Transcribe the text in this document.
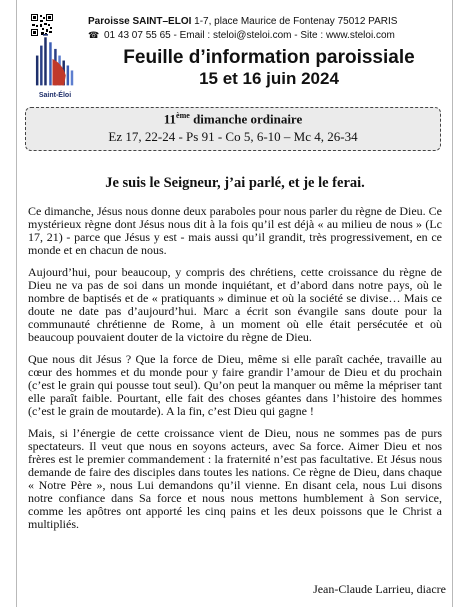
Saint-Éloi
Paroisse SAINT–ELOI 1-7, place Maurice de Fontenay 75012 PARIS
☎ 01 43 07 55 65 - Email : steloi@steloi.com - Site : www.steloi.com
Feuille d’information paroissiale
15 et 16 juin 2024
11ème dimanche ordinaire
Ez 17, 22-24 - Ps 91 - Co 5, 6-10 – Mc 4, 26-34
Je suis le Seigneur, j’ai parlé, et je le ferai.

Ce dimanche, Jésus nous donne deux paraboles pour nous parler du règne de Dieu. Ce mystérieux règne dont Jésus nous dit à la fois qu’il est déjà « au milieu de nous » (Lc 17, 21) - parce que Jésus y est - mais aussi qu’il grandit, très progressivement, en ce monde et en chacun de nous.

Aujourd’hui, pour beaucoup, y compris des chrétiens, cette croissance du règne de Dieu ne va pas de soi dans un monde inquiétant, et d’abord dans notre pays, où le nombre de baptisés et de « pratiquants » diminue et où la société se divise… Mais ce doute ne date pas d’aujourd’hui. Marc a écrit son évangile sans doute pour la communauté chrétienne de Rome, à un moment où elle était persécutée et où beaucoup pouvaient douter de la victoire du règne de Dieu.

Que nous dit Jésus ? Que la force de Dieu, même si elle paraît cachée, travaille au cœur des hommes et du monde pour y faire grandir l’amour de Dieu et du prochain (c’est le grain qui pousse tout seul). Qu’on peut la manquer ou même la mépriser tant elle paraît faible. Pourtant, elle fait des choses géantes dans l’histoire des hommes (c’est le grain de moutarde). A la fin, c’est Dieu qui gagne !

Mais, si l’énergie de cette croissance vient de Dieu, nous ne sommes pas de purs spectateurs. Il veut que nous en soyons acteurs, avec Sa force. Aimer Dieu et nos frères est le premier commandement : la fraternité n’est pas facultative. Et Jésus nous demande de faire des disciples dans toutes les nations. Ce règne de Dieu, dans chaque « Notre Père », nous Lui demandons qu’il vienne. En disant cela, nous Lui disons notre confiance dans Sa force et nous nous mettons humblement à Son service, comme les apôtres ont apporté les cinq pains et les deux poissons que le Christ a multipliés.

Jean-Claude Larrieu, diacre
